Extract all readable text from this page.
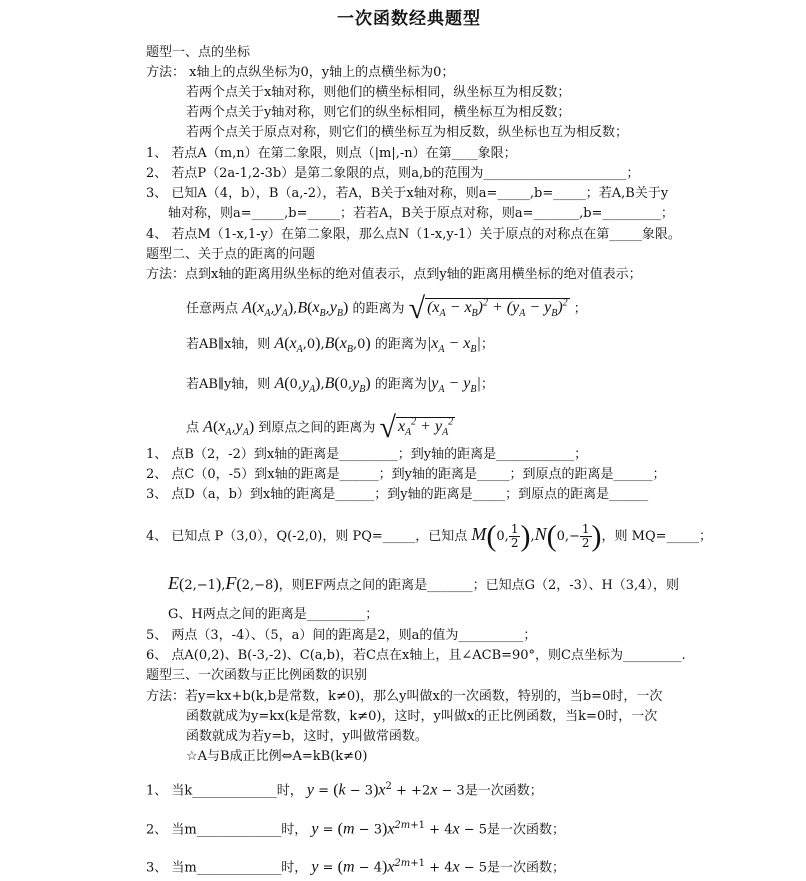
一次函数经典题型
题型一、点的坐标
方法： x轴上的点纵坐标为0，y轴上的点横坐标为0；
若两个点关于x轴对称，则他们的横坐标相同，纵坐标互为相反数；
若两个点关于y轴对称，则它们的纵坐标相同，横坐标互为相反数；
若两个点关于原点对称，则它们的横坐标互为相反数，纵坐标也互为相反数；
1、 若点A（m,n）在第二象限，则点（|m|,-n）在第____象限；
2、 若点P（2a-1,2-3b）是第二象限的点，则a,b的范围为______________________；
3、 已知A（4，b），B（a,-2），若A，B关于x轴对称，则a=_____,b=_____；若A,B关于y
轴对称，则a=_____,b=_____；若若A，B关于原点对称，则a=_______,b=_________；
4、 若点M（1-x,1-y）在第二象限，那么点N（1-x,y-1）关于原点的对称点在第_____象限。
题型二、关于点的距离的问题
方法：点到x轴的距离用纵坐标的绝对值表示，点到y轴的距离用横坐标的绝对值表示；
任意两点 $A(x_A,y_A),B(x_B,y_B)$ 的距离为 √ $(x_A - x_B)^2 + (y_A - y_B)^2$ ；
若AB∥x轴，则 $A(x_A,0),B(x_B,0)$ 的距离为$|x_A - x_B|$；
若AB∥y轴，则 $A(0,y_A),B(0,y_B)$ 的距离为$|y_A - y_B|$；
点 $A(x_A,y_A)$ 到原点之间的距离为 √ $x_A^2 + y_A^2$
1、 点B（2，-2）到x轴的距离是_________；到y轴的距离是____________；
2、 点C（0，-5）到x轴的距离是______；到y轴的距离是_____；到原点的距离是______；
3、 点D（a，b）到x轴的距离是______；到y轴的距离是_____；到原点的距离是______
4、 已知点 P（3,0），Q(-2,0)，则 PQ=_____，已知点 M(0, $\frac{1}{2} ),N(0,- \frac{1}{2}$ )，则 MQ=_____；
E(2,−1),F(2,−8)，则EF两点之间的距离是_______；已知点G（2，-3）、H（3,4），则
G、H两点之间的距离是_________；
5、 两点（3，-4）、（5，a）间的距离是2，则a的值为__________；
6、 点A(0,2)、B(-3,-2)、C(a,b)，若C点在x轴上，且∠ACB=90°，则C点坐标为_________.
题型三、一次函数与正比例函数的识别
方法：若y=kx+b(k,b是常数，k≠0)，那么y叫做x的一次函数，特别的，当b=0时，一次
函数就成为y=kx(k是常数，k≠0)，这时，y叫做x的正比例函数，当k=0时，一次
函数就成为若y=b，这时，y叫做常函数。
☆A与B成正比例⇔A=kB(k≠0)
1、 当k_____________时， $y = (k - 3)x^2 + +2x - 3$是一次函数；
2、 当m_____________时， $y = (m - 3)x^{2m+1} + 4x - 5$是一次函数；
3、 当m_____________时， $y = (m - 4)x^{2m+1} + 4x - 5$是一次函数；
